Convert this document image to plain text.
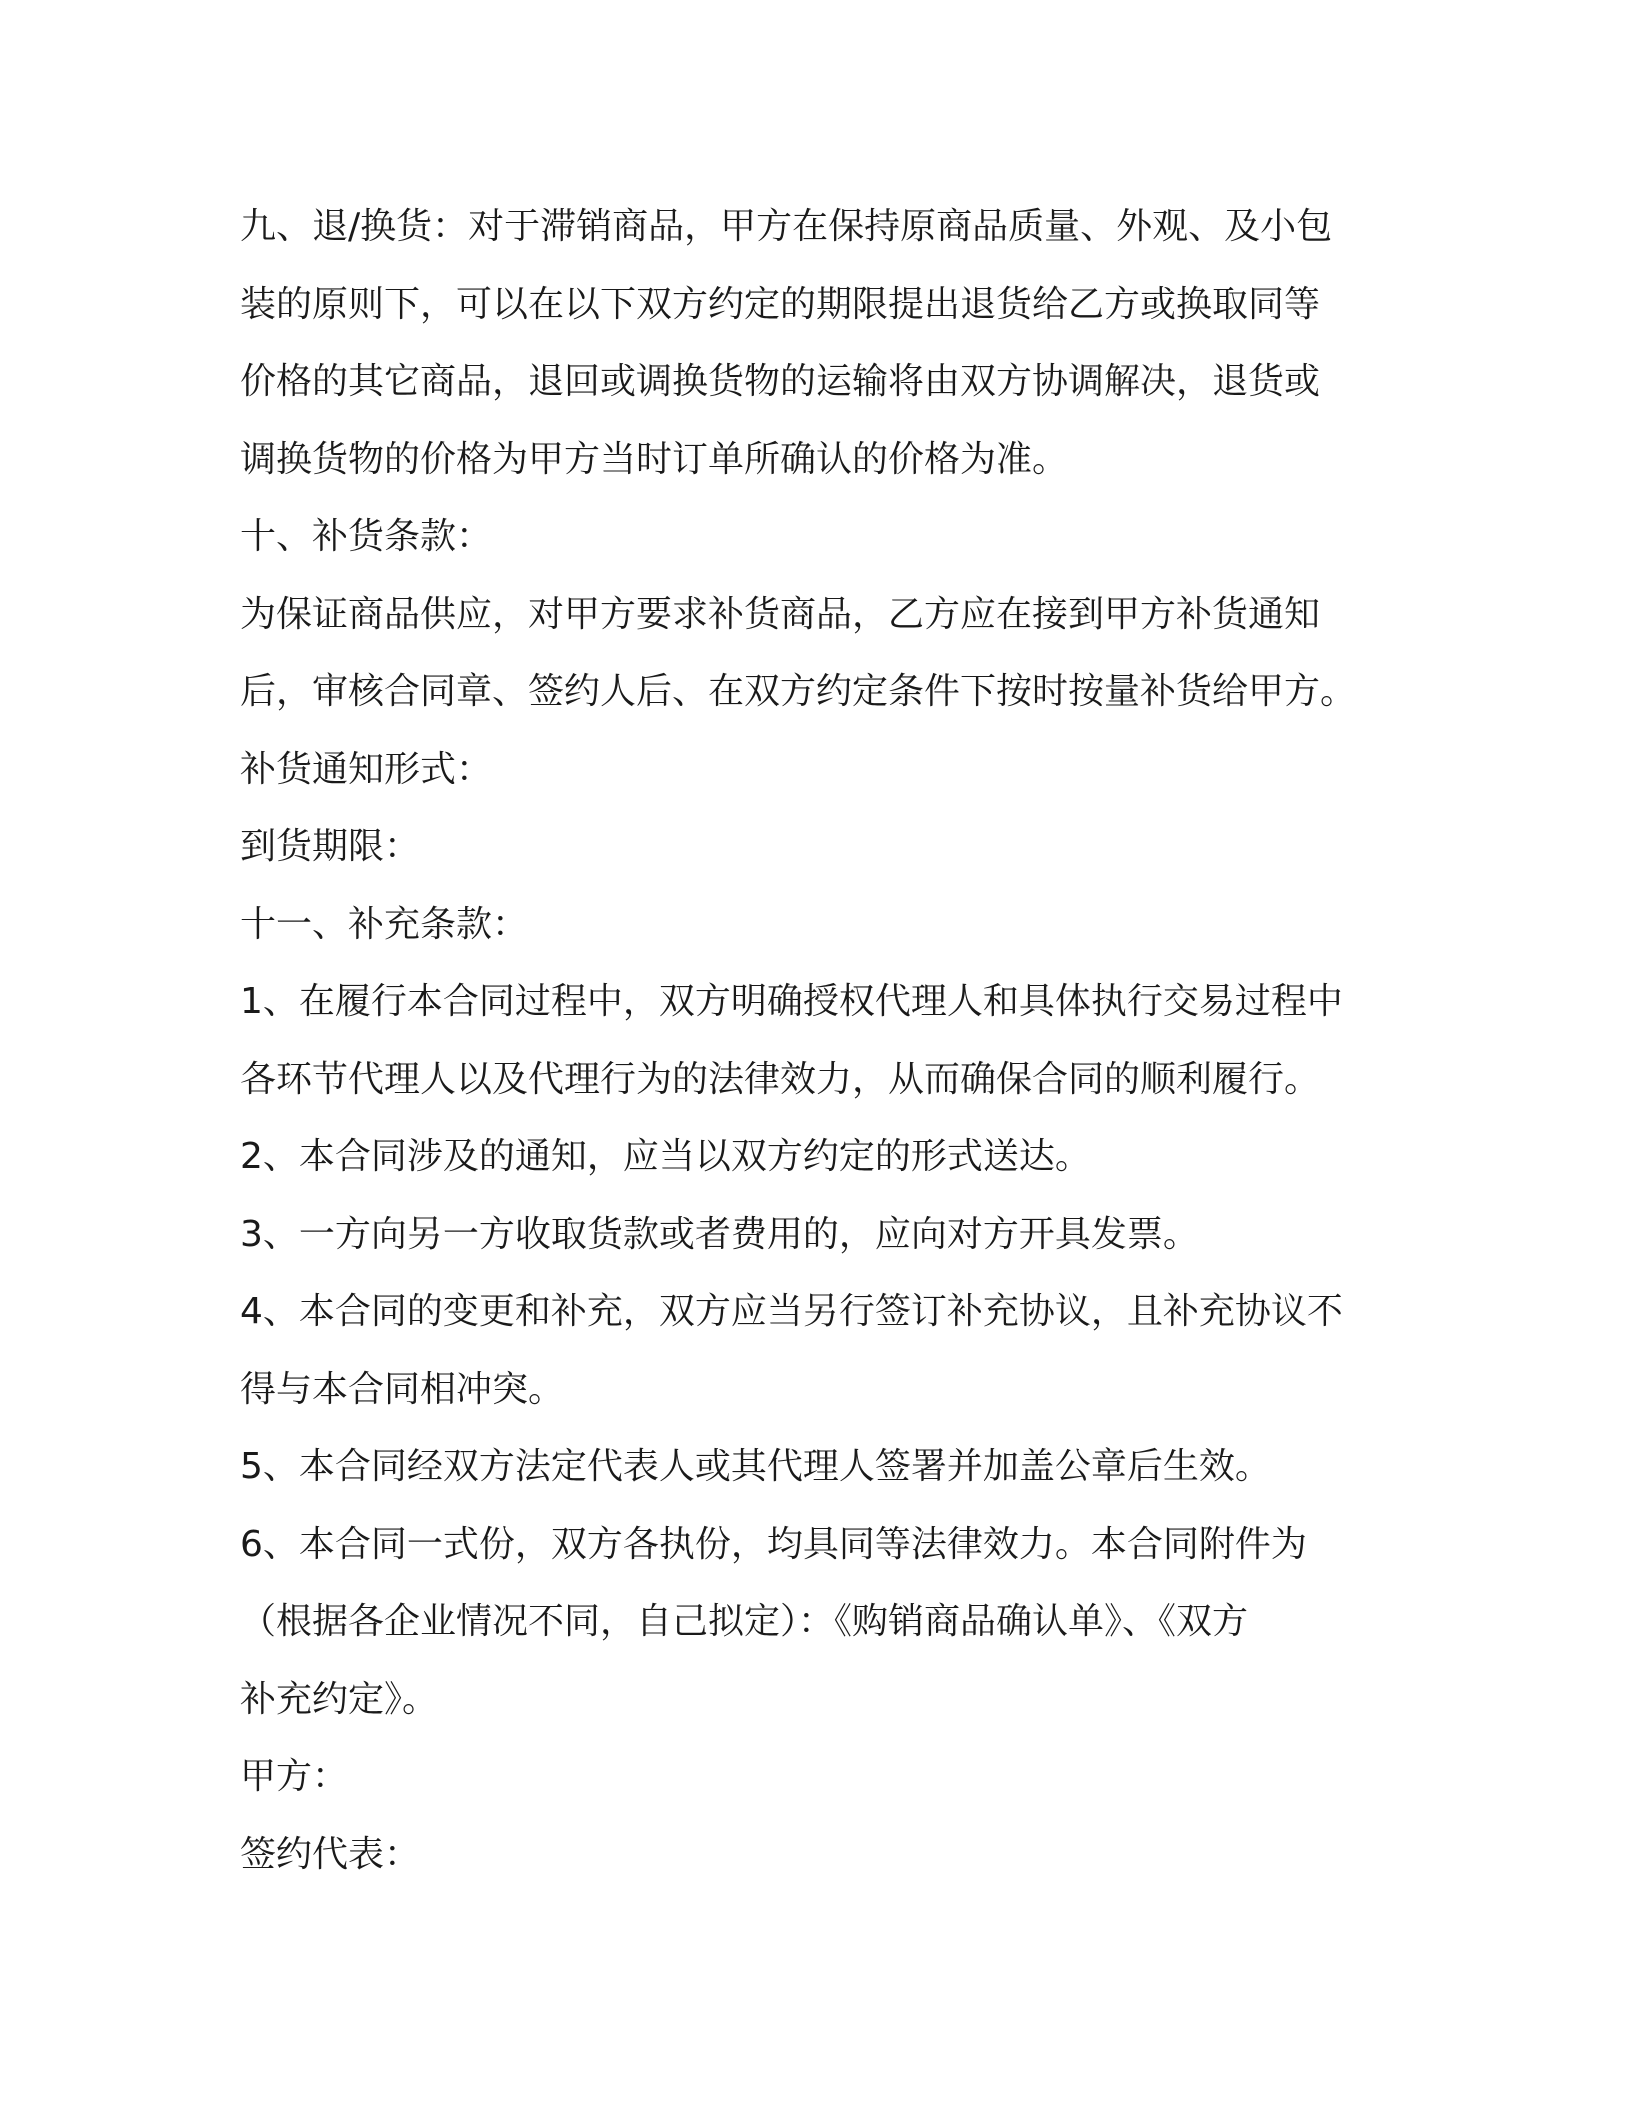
九、退/换货：对于滞销商品，甲方在保持原商品质量、外观、及小包
装的原则下，可以在以下双方约定的期限提出退货给乙方或换取同等
价格的其它商品，退回或调换货物的运输将由双方协调解决，退货或
调换货物的价格为甲方当时订单所确认的价格为准。
十、补货条款：
为保证商品供应，对甲方要求补货商品，乙方应在接到甲方补货通知
后，审核合同章、签约人后、在双方约定条件下按时按量补货给甲方。
补货通知形式：
到货期限：
十一、补充条款：
1、在履行本合同过程中，双方明确授权代理人和具体执行交易过程中
各环节代理人以及代理行为的法律效力，从而确保合同的顺利履行。
2、本合同涉及的通知，应当以双方约定的形式送达。
3、一方向另一方收取货款或者费用的，应向对方开具发票。
4、本合同的变更和补充，双方应当另行签订补充协议，且补充协议不
得与本合同相冲突。
5、本合同经双方法定代表人或其代理人签署并加盖公章后生效。
6、本合同一式份，双方各执份，均具同等法律效力。本合同附件为
（根据各企业情况不同，自己拟定）：《购销商品确认单》、《双方
补充约定》。
甲方：
签约代表：
